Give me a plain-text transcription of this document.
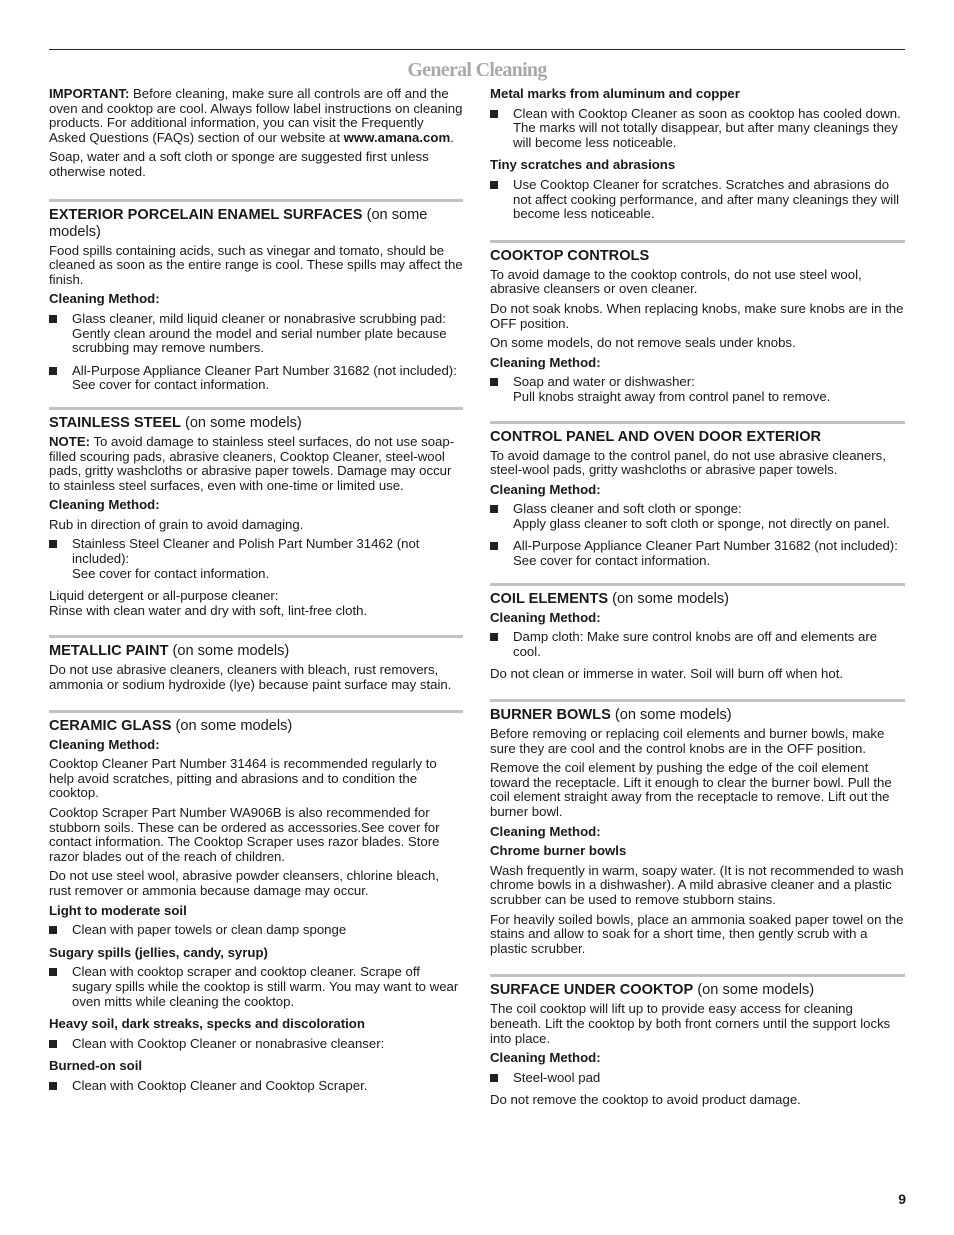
General Cleaning

IMPORTANT: Before cleaning, make sure all controls are off and the oven and cooktop are cool. Always follow label instructions on cleaning products. For additional information, you can visit the Frequently Asked Questions (FAQs) section of our website at www.amana.com.

Soap, water and a soft cloth or sponge are suggested first unless otherwise noted.

EXTERIOR PORCELAIN ENAMEL SURFACES (on some models)

Food spills containing acids, such as vinegar and tomato, should be cleaned as soon as the entire range is cool. These spills may affect the finish.

Cleaning Method:
Glass cleaner, mild liquid cleaner or nonabrasive scrubbing pad:
Gently clean around the model and serial number plate because scrubbing may remove numbers.
All-Purpose Appliance Cleaner Part Number 31682 (not included):
See cover for contact information.
STAINLESS STEEL (on some models)

NOTE: To avoid damage to stainless steel surfaces, do not use soap-filled scouring pads, abrasive cleaners, Cooktop Cleaner, steel-wool pads, gritty washcloths or abrasive paper towels. Damage may occur to stainless steel surfaces, even with one-time or limited use.

Cleaning Method:

Rub in direction of grain to avoid damaging.

Stainless Steel Cleaner and Polish Part Number 31462 (not included):
See cover for contact information.

Liquid detergent or all-purpose cleaner:
Rinse with clean water and dry with soft, lint-free cloth.

METALLIC PAINT (on some models)

Do not use abrasive cleaners, cleaners with bleach, rust removers, ammonia or sodium hydroxide (lye) because paint surface may stain.

CERAMIC GLASS (on some models)
Cleaning Method:

Cooktop Cleaner Part Number 31464 is recommended regularly to help avoid scratches, pitting and abrasions and to condition the cooktop.

Cooktop Scraper Part Number WA906B is also recommended for stubborn soils. These can be ordered as accessories.See cover for contact information. The Cooktop Scraper uses razor blades. Store razor blades out of the reach of children.

Do not use steel wool, abrasive powder cleansers, chlorine bleach, rust remover or ammonia because damage may occur.

Light to moderate soil
Clean with paper towels or clean damp sponge
Sugary spills (jellies, candy, syrup)
Clean with cooktop scraper and cooktop cleaner. Scrape off sugary spills while the cooktop is still warm. You may want to wear oven mitts while cleaning the cooktop.
Heavy soil, dark streaks, specks and discoloration
Clean with Cooktop Cleaner or nonabrasive cleanser:
Burned-on soil
Clean with Cooktop Cleaner and Cooktop Scraper.
Metal marks from aluminum and copper
Clean with Cooktop Cleaner as soon as cooktop has cooled down. The marks will not totally disappear, but after many cleanings they will become less noticeable.
Tiny scratches and abrasions
Use Cooktop Cleaner for scratches. Scratches and abrasions do not affect cooking performance, and after many cleanings they will become less noticeable.
COOKTOP CONTROLS

To avoid damage to the cooktop controls, do not use steel wool, abrasive cleansers or oven cleaner.

Do not soak knobs. When replacing knobs, make sure knobs are in the OFF position.

On some models, do not remove seals under knobs.

Cleaning Method:
Soap and water or dishwasher:
Pull knobs straight away from control panel to remove.
CONTROL PANEL AND OVEN DOOR EXTERIOR

To avoid damage to the control panel, do not use abrasive cleaners, steel-wool pads, gritty washcloths or abrasive paper towels.

Cleaning Method:
Glass cleaner and soft cloth or sponge:
Apply glass cleaner to soft cloth or sponge, not directly on panel.
All-Purpose Appliance Cleaner Part Number 31682 (not included):
See cover for contact information.
COIL ELEMENTS (on some models)
Cleaning Method:
Damp cloth: Make sure control knobs are off and elements are cool.

Do not clean or immerse in water. Soil will burn off when hot.

BURNER BOWLS (on some models)

Before removing or replacing coil elements and burner bowls, make sure they are cool and the control knobs are in the OFF position.

Remove the coil element by pushing the edge of the coil element toward the receptacle. Lift it enough to clear the burner bowl. Pull the coil element straight away from the receptacle to remove. Lift out the burner bowl.

Cleaning Method:
Chrome burner bowls

Wash frequently in warm, soapy water. (It is not recommended to wash chrome bowls in a dishwasher). A mild abrasive cleaner and a plastic scrubber can be used to remove stubborn stains.

For heavily soiled bowls, place an ammonia soaked paper towel on the stains and allow to soak for a short time, then gently scrub with a plastic scrubber.

SURFACE UNDER COOKTOP (on some models)

The coil cooktop will lift up to provide easy access for cleaning beneath. Lift the cooktop by both front corners until the support locks into place.

Cleaning Method:
Steel-wool pad

Do not remove the cooktop to avoid product damage.

9
